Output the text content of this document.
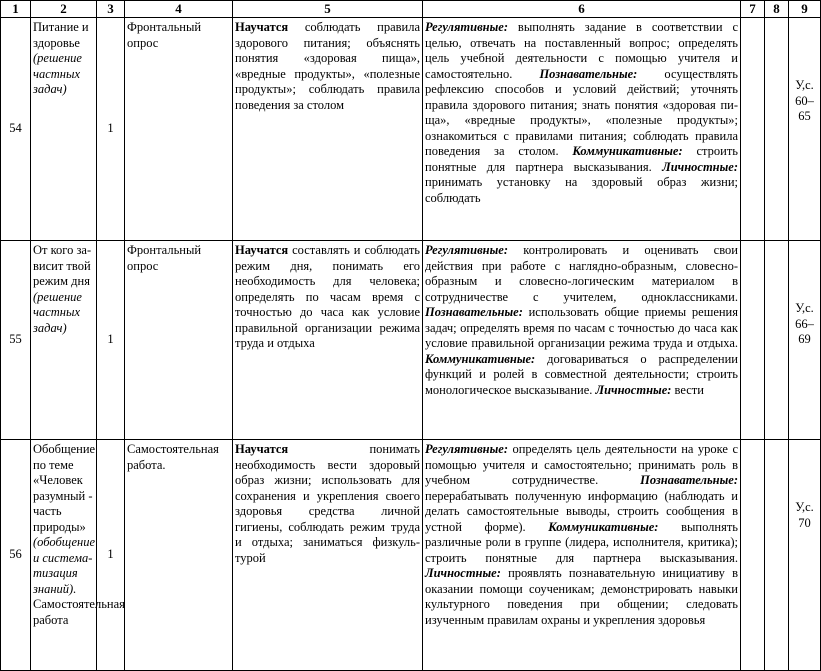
1	2	3	4	5	6	7	8	9
54	Питание и здоровье (решение частных задач)	1	Фронтальный опрос	Научатся соблюдать правила здорового питания; объяснять понятия «здоровая пища», «вредные продукты», «полезные продукты»; соблюдать правила поведения за столом	Регулятивные: выполнять задание в соответствии с целью, отвечать на поставленный вопрос; определять цель учебной деятельности с помощью учителя и самостоятельно. Познавательные: осуществлять рефлексию способов и условий действий; уточнять правила здорового питания; знать понятия «здоровая пи-ща», «вредные продукты», «полезные продукты»; ознакомиться с правилами питания; соблюдать правила поведения за столом. Коммуникативные: строить понятные для партнера высказывания. Личностные: принимать установку на здоровый образ жизни; соблюдать			У,с. 60–65
55	От кого за-висит твой режим дня (решение частных задач)	1	Фронтальный опрос	Научатся составлять и соблюдать режим дня, понимать его необходимость для человека; определять по часам время с точностью до часа как условие правильной организации режима труда и отдыха	Регулятивные: контролировать и оценивать свои действия при работе с наглядно-образным, словесно-образным и словесно-логическим материалом в сотрудничестве с учителем, одноклассниками. Познавательные: использовать общие приемы решения задач; определять время по часам с точностью до часа как условие правильной организации режима труда и отдыха. Коммуникативные: договариваться о распределении функций и ролей в совместной деятельности; строить монологическое высказывание. Личностные: вести			У,с. 66–69
56	Обобщение по теме «Человек разумный - часть природы» (обобщение и система-тизация знаний). Самостоятельная работа	1	Самостоятельная работа.	Научатся понимать необходимость вести здоровый образ жизни; использовать для сохранения и укрепления своего здоровья средства личной гигиены, соблюдать режим труда и отдыха; заниматься физкуль-турой	Регулятивные: определять цель деятельности на уроке с помощью учителя и самостоятельно; принимать роль в учебном сотрудничестве. Познавательные: перерабатывать полученную информацию (наблюдать и делать самостоятельные выводы, строить сообщения в устной форме). Коммуникативные: выполнять различные роли в группе (лидера, исполнителя, критика); строить понятные для партнера высказывания. Личностные: проявлять познавательную инициативу в оказании помощи соученикам; демонстрировать навыки культурного поведения при общении; следовать изученным правилам охраны и укрепления здоровья			У,с. 70
